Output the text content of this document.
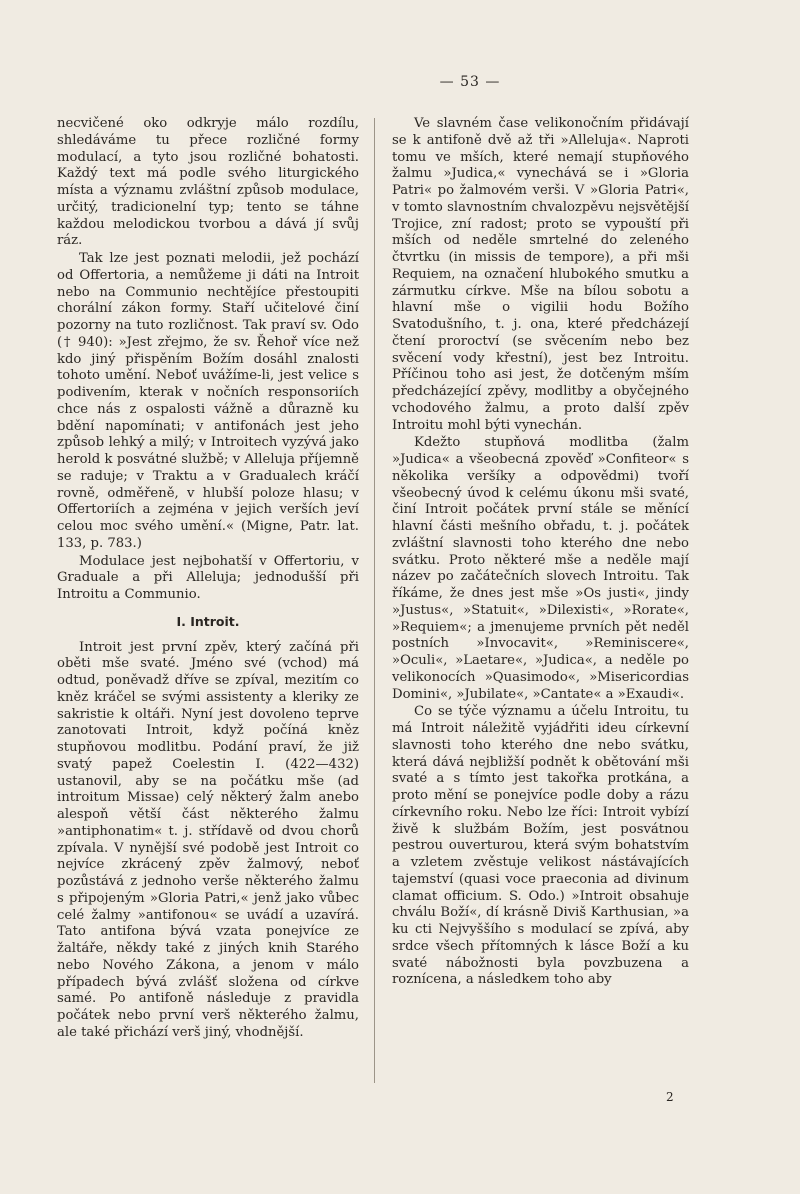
— 53 —

necvičené oko odkryje málo rozdílu, shledáváme tu přece rozličné formy modulací, a tyto jsou rozličné bohatosti. Každý text má podle svého liturgického místa a významu zvláštní způsob modulace, určitý, tradicionelní typ; tento se táhne každou melodickou tvorbou a dává jí svůj ráz.

Tak lze jest poznati melodii, jež pochází od Offertoria, a nemůžeme ji dáti na Introit nebo na Communio nechtějíce přestoupiti chorální zákon formy. Staří učitelové činí pozorny na tuto rozličnost. Tak praví sv. Odo († 940): »Jest zřejmo, že sv. Řehoř více než kdo jiný přispěním Božím dosáhl znalosti tohoto umění. Neboť uvážíme-li, jest velice s podivením, kterak v nočních responsoriích chce nás z ospalosti vážně a důrazně ku bdění napomínati; v antifonách jest jeho způsob lehký a milý; v Introitech vyzývá jako herold k posvátné službě; v Alleluja příjemně se raduje; v Traktu a v Gradualech kráčí rovně, odměřeně, v hlubší poloze hlasu; v Offertoriích a zejména v jejich verších jeví celou moc svého umění.« (Migne, Patr. lat. 133, p. 783.)

Modulace jest nejbohatší v Offertoriu, v Graduale a při Alleluja; jednodušší při Introitu a Communio.

I. Introit.

Introit jest první zpěv, který začíná při oběti mše svaté. Jméno své (vchod) má odtud, poněvadž dříve se zpíval, mezitím co kněz kráčel se svými assistenty a kleriky ze sakristie k oltáři. Nyní jest dovoleno teprve zanotovati Introit, když počíná kněz stupňovou modlitbu. Podání praví, že již svatý papež Coelestin I. (422—432) ustanovil, aby se na počátku mše (ad introitum Missae) celý některý žalm anebo alespoň větší část některého žalmu »antiphonatim« t. j. střídavě od dvou chorů zpívala. V nynější své podobě jest Introit co nejvíce zkrácený zpěv žalmový, neboť pozůstává z jednoho verše některého žalmu s připojeným »Gloria Patri,« jenž jako vůbec celé žalmy »antifonou« se uvádí a uzavírá. Tato antifona bývá vzata ponejvíce ze žaltáře, někdy také z jiných knih Starého nebo Nového Zákona, a jenom v málo případech bývá zvlášť složena od církve samé. Po antifoně následuje z pravidla počátek nebo první verš některého žalmu, ale také přichází verš jiný, vhodnější.

Ve slavném čase velikonočním přidávají se k antifoně dvě až tři »Alleluja«. Naproti tomu ve mších, které nemají stupňového žalmu »Judica,« vynechává se i »Gloria Patri« po žalmovém verši. V »Gloria Patri«, v tomto slavnostním chvalozpěvu nejsvětější Trojice, zní radost; proto se vypouští při mších od neděle smrtelné do zeleného čtvrtku (in missis de tempore), a při mši Requiem, na označení hlubokého smutku a zármutku církve. Mše na bílou sobotu a hlavní mše o vigilii hodu Božího Svatodušního, t. j. ona, které předcházejí čtení proroctví (se svěcením nebo bez svěcení vody křestní), jest bez Introitu. Příčinou toho asi jest, že dotčeným mším předcházející zpěvy, modlitby a obyčejného vchodového žalmu, a proto další zpěv Introitu mohl býti vynechán.

Kdežto stupňová modlitba (žalm »Judica« a všeobecná zpověď »Confiteor« s několika veršíky a odpovědmi) tvoří všeobecný úvod k celému úkonu mši svaté, činí Introit počátek první stále se měnící hlavní části mešního obřadu, t. j. počátek zvláštní slavnosti toho kterého dne nebo svátku. Proto některé mše a neděle mají název po začátečních slovech Introitu. Tak říkáme, že dnes jest mše »Os justi«, jindy »Justus«, »Statuit«, »Dilexisti«, »Rorate«, »Requiem«; a jmenujeme prvních pět neděl postních »Invocavit«, »Reminiscere«, »Oculi«, »Laetare«, »Judica«, a neděle po velikonocích »Quasimodo«, »Misericordias Domini«, »Jubilate«, »Cantate« a »Exaudi«.

Co se týče významu a účelu Introitu, tu má Introit náležitě vyjádřiti ideu církevní slavnosti toho kterého dne nebo svátku, která dává nejbližší podnět k obětování mši svaté a s tímto jest takořka protkána, a proto mění se ponejvíce podle doby a rázu církevního roku. Nebo lze říci: Introit vybízí živě k službám Božím, jest posvátnou pestrou ouverturou, která svým bohatstvím a vzletem zvěstuje velikost nástávajících tajemství (quasi voce praeconia ad divinum clamat officium. S. Odo.) »Introit obsahuje chválu Boží«, dí krásně Diviš Karthusian, »a ku cti Nejvyššího s modulací se zpívá, aby srdce všech přítomných k lásce Boží a ku svaté nábožnosti byla povzbuzena a roznícena, a následkem toho aby

2
